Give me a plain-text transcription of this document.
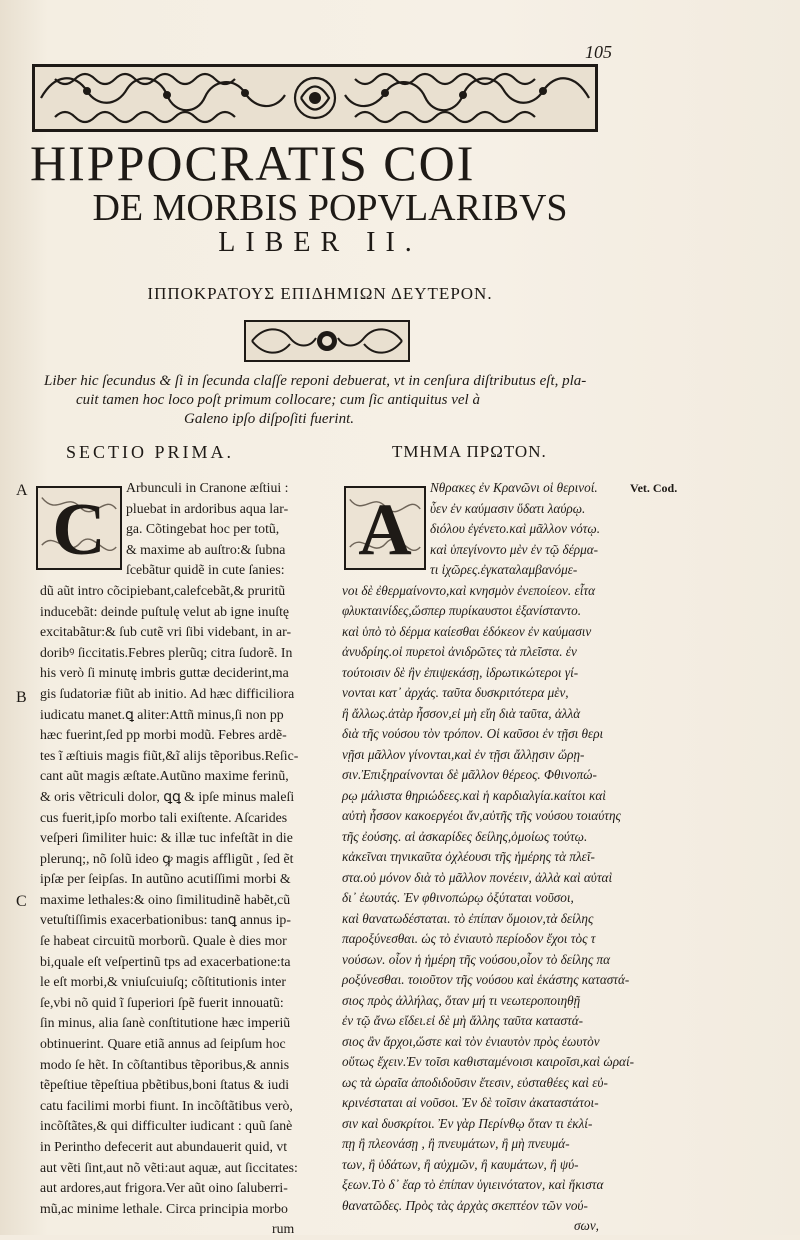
105
HIPPOCRATIS COI
DE MORBIS POPVLARIBVS
LIBER II.
ΙΠΠΟΚΡΑΤΟΥΣ ΕΠΙΔΗΜΙΩΝ ΔΕΥΤΕΡΟΝ.
Liber hic ſecundus & ſi in ſecunda claſſe reponi debuerat, vt in cenſura diſtributus eſt, pla-
cuit tamen hoc loco poſt primum collocare; cum ſic antiquitus vel à
Galeno ipſo diſpoſiti fuerint.
SECTIO PRIMA.	ΤΜΗΜΑ ΠΡΩΤΟΝ.
A
B
C
Vet. Cod.
C	A
Arbunculi in Cranone æſtiui :
pluebat in ardoribus aqua lar-
ga. Cõtingebat hoc per totũ,
& maxime ab auſtro:& ſubna
ſcebãtur quidẽ in cute ſanies:
dũ aũt intro cõcipiebant,calefcebãt,& pruritũ
inducebãt: deinde puſtulę velut ab igne inuſtę
excitabãtur:& ſub cutẽ vri ſibi videbant, in ar-
doribꝰ ſiccitatis.Febres plerũq; citra ſudorẽ. In
his verò ſi minutę imbris guttæ deciderint,ma
gis ſudatoriæ fiũt ab initio. Ad hæc difficiliora
iudicatu manet.ꝗ aliter:Attñ minus,ſi non pp
hæc fuerint,ſed pp morbi modũ. Febres ardẽ-
tes ĩ æſtiuis magis fiũt,&ĩ alijs tẽporibus.Reſic-
cant aũt magis æſtate.Autũno maxime ferinũ,
& oris vẽtriculi dolor, ꝗꝗ & ipſe minus maleſi
cus fuerit,ipſo morbo tali exiſtente. Aſcarides
veſperi ſimiliter huic: & illæ tuc infeſtãt in die
plerunq;, nõ ſolũ ideo ꝙ magis affligũt , ſed ẽt
ipſæ per ſeipſas. In autũno acutiſſimi morbi &
maxime lethales:& oino ſimilitudinẽ habẽt,cũ
vetuſtiſſimis exacerbationibus: tanꝗ annus ip-
ſe habeat circuitũ morborũ. Quale è dies mor
bi,quale eſt veſpertinũ tps ad exacerbatione:ta
le eſt morbi,& vniuſcuiuſq; cõſtitutionis inter
ſe,vbi nõ quid ĩ ſuperiori ſpẽ fuerit innouatũ:
ſin minus, alia ſanè conſtitutione hæc imperiũ
obtinuerint. Quare etiã annus ad ſeipſum hoc
modo ſe hẽt. In cõſtantibus tẽporibus,& annis
tẽpeſtiue tẽpeſtiua pbẽtibus,boni ſtatus & iudi
catu facilimi morbi fiunt. In incõſtãtibus verò,
incõſtãtes,& qui difficulter iudicant : quũ ſanè
in Perintho defecerit aut abundauerit quid, vt
aut vẽti ſint,aut nõ vẽti:aut aquæ, aut ſiccitates:
aut ardores,aut frigora.Ver aũt oino ſaluberri-
mũ,ac minime lethale. Circa principia morbo
rum
Νθρακες ἐν Κρανῶνι οἱ θερινοί.
ὗεν ἐν καύμασιν ὕδατι λαύρῳ.
διόλου ἐγένετο.καὶ μᾶλλον νότῳ.
καὶ ὑπεγίνοντο μὲν ἐν τῷ δέρμα-
τι ἰχῶρες.ἐγκαταλαμβανόμε-
νοι δὲ ἐθερμαίνοντο,καὶ κνησμὸν ἐνεποίεον. εἶτα
φλυκταινίδες,ὥσπερ πυρίκαυστοι ἐξανίσταντο.
καὶ ὑπὸ τὸ δέρμα καίεσθαι ἐδόκεον ἐν καύμασιν
ἀνυδρίης.οἱ πυρετοὶ ἀνιδρῶτες τὰ πλεῖστα. ἐν
τούτοισιν δὲ ἢν ἐπιψεκάσῃ, ἰδρωτικώτεροι γί-
νονται κατ᾽ ἀρχάς. ταῦτα δυσκριτότερα μὲν,
ἢ ἄλλως.ἀτὰρ ἧσσον,εἰ μὴ εἴη διὰ ταῦτα, ἀλλὰ
διὰ τῆς νούσου τὸν τρόπον. Οἱ καῦσοι ἐν τῇσι θερι
νῇσι μᾶλλον γίνονται,καὶ ἐν τῇσι ἄλλῃσιν ὥρῃ-
σιν.Ἐπιξηραίνονται δὲ μᾶλλον θέρεος. Φθινοπώ-
ρῳ μάλιστα θηριώδεες.καὶ ἡ καρδιαλγία.καίτοι καὶ
αὐτὴ ἧσσον κακοεργέοι ἄν,αὐτῆς τῆς νούσου τοιαύτης
τῆς ἐούσης. αἱ ἀσκαρίδες δείλης,ὁμοίως τούτῳ.
κἀκεῖναι τηνικαῦτα ὀχλέουσι τῆς ἡμέρης τὰ πλεῖ-
στα.οὐ μόνον διὰ τὸ μᾶλλον πονέειν, ἀλλὰ καὶ αὐταὶ
δι᾽ ἑωυτάς. Ἐν φθινοπώρῳ ὀξύταται νοῦσοι,
καὶ θανατωδέσταται. τὸ ἐπίπαν ὅμοιον,τὰ δείλης
παροξύνεσθαι. ὡς τὸ ἐνιαυτὸ περίοδον ἔχοι τὸς τ
νούσων. οἷον ἡ ἡμέρη τῆς νούσου,οἷον τὸ δείλης πα
ροξύνεσθαι. τοιοῦτον τῆς νούσου καὶ ἑκάστης καταστά-
σιος πρὸς ἀλλήλας, ὅταν μή τι νεωτεροποιηθῇ
ἐν τῷ ἄνω εἴδει.εἰ δὲ μὴ ἄλλης ταῦτα καταστά-
σιος ἂν ἄρχοι,ὥστε καὶ τὸν ἐνιαυτὸν πρὸς ἑωυτὸν
οὕτως ἔχειν.Ἐν τοῖσι καθισταμένοισι καιροῖσι,καὶ ὡραί-
ως τὰ ὡραῖα ἀποδιδοῦσιν ἔτεσιν, εὐσταθέες καὶ εὐ-
κρινέσταται αἱ νοῦσοι. Ἐν δὲ τοῖσιν ἀκαταστάτοι-
σιν καὶ δυσκρίτοι. Ἐν γὰρ Περίνθῳ ὅταν τι ἐκλί-
πῃ ἢ πλεονάσῃ , ἢ πνευμάτων, ἢ μὴ πνευμά-
των, ἢ ὑδάτων, ἢ αὐχμῶν, ἢ καυμάτων, ἢ ψύ-
ξεων.Τὸ δ᾽ ἔαρ τὸ ἐπίπαν ὑγιεινότατον, καὶ ἥκιστα
θανατῶδες. Πρὸς τὰς ἀρχὰς σκεπτέον τῶν νού-
σων,
